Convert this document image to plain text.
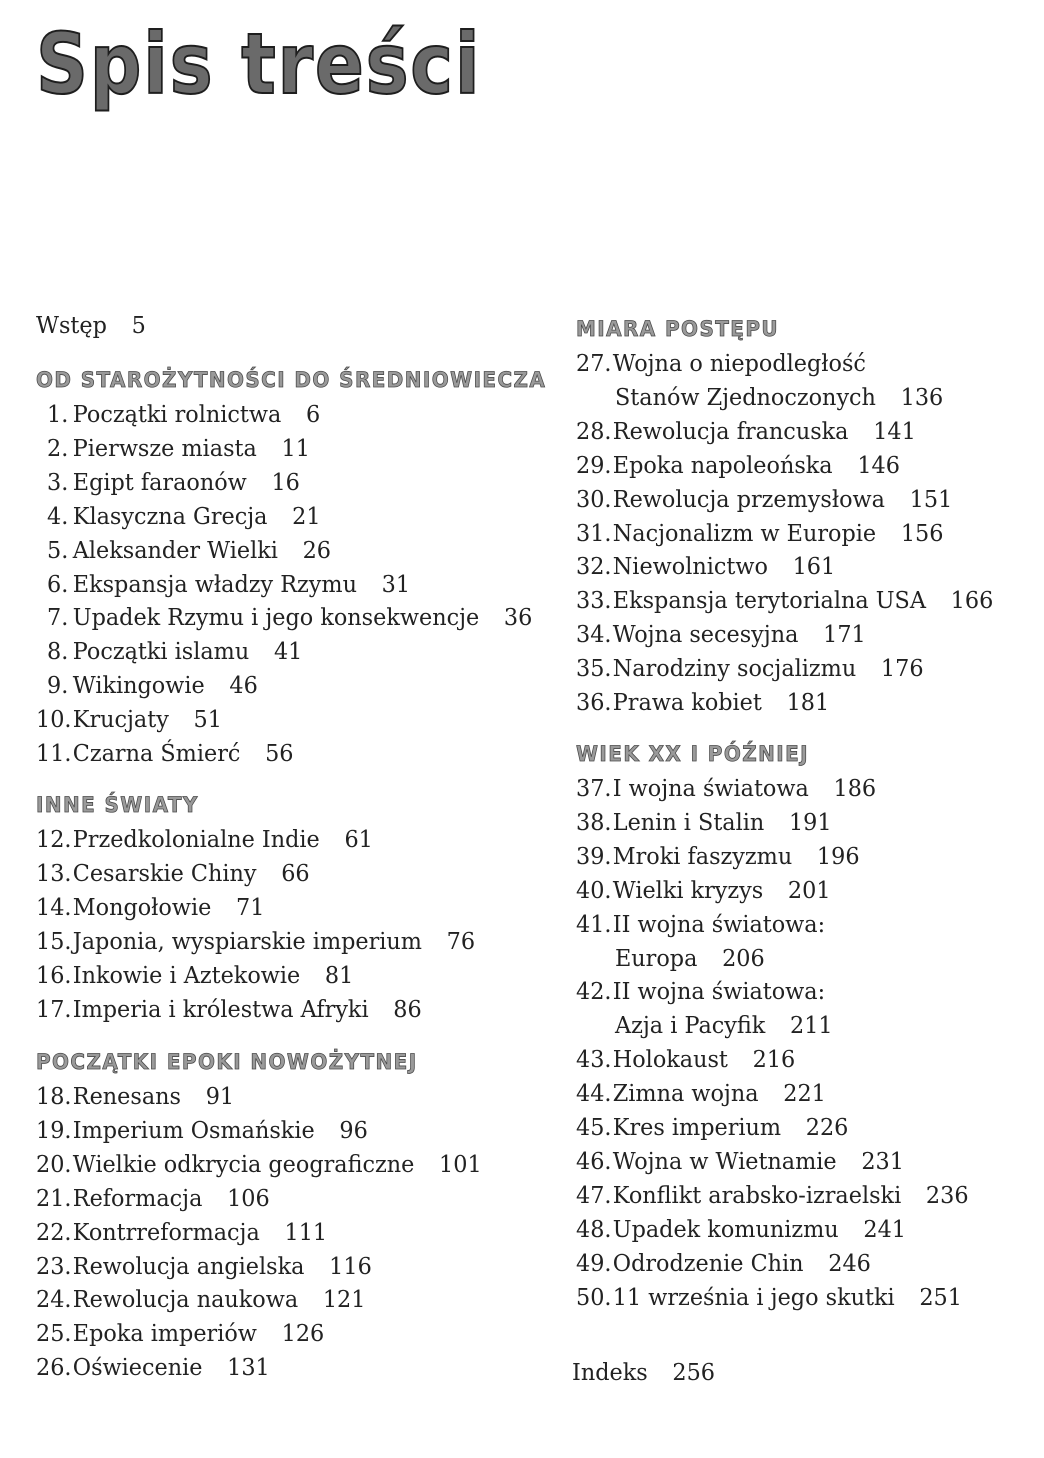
Spis treści
Wstęp 5
OD STAROŻYTNOŚCI DO ŚREDNIOWIECZA
1.  Początki rolnictwa 6
2.  Pierwsze miasta 11
3.  Egipt faraonów 16
4.  Klasyczna Grecja 21
5.  Aleksander Wielki 26
6.  Ekspansja władzy Rzymu 31
7.  Upadek Rzymu i jego konsekwencje 36
8.  Początki islamu 41
9.  Wikingowie 46
10. Krucjaty 51
11. Czarna Śmierć 56
INNE ŚWIATY
12. Przedkolonialne Indie 61
13. Cesarskie Chiny 66
14. Mongołowie 71
15. Japonia, wyspiarskie imperium 76
16. Inkowie i Aztekowie 81
17. Imperia i królestwa Afryki 86
POCZĄTKI EPOKI NOWOŻYTNEJ
18. Renesans 91
19. Imperium Osmańskie 96
20. Wielkie odkrycia geograficzne 101
21. Reformacja 106
22. Kontrreformacja 111
23. Rewolucja angielska 116
24. Rewolucja naukowa 121
25. Epoka imperiów 126
26. Oświecenie 131
MIARA POSTĘPU
27. Wojna o niepodległość
Stanów Zjednoczonych 136
28. Rewolucja francuska 141
29. Epoka napoleońska 146
30. Rewolucja przemysłowa 151
31. Nacjonalizm w Europie 156
32. Niewolnictwo 161
33. Ekspansja terytorialna USA 166
34. Wojna secesyjna 171
35. Narodziny socjalizmu 176
36. Prawa kobiet 181
WIEK XX I PÓŹNIEJ
37. I wojna światowa 186
38. Lenin i Stalin 191
39. Mroki faszyzmu 196
40. Wielki kryzys 201
41. II wojna światowa:
Europa 206
42. II wojna światowa:
Azja i Pacyfik 211
43. Holokaust 216
44. Zimna wojna 221
45. Kres imperium 226
46. Wojna w Wietnamie 231
47. Konflikt arabsko-izraelski 236
48. Upadek komunizmu 241
49. Odrodzenie Chin 246
50. 11 września i jego skutki 251
Indeks 256
